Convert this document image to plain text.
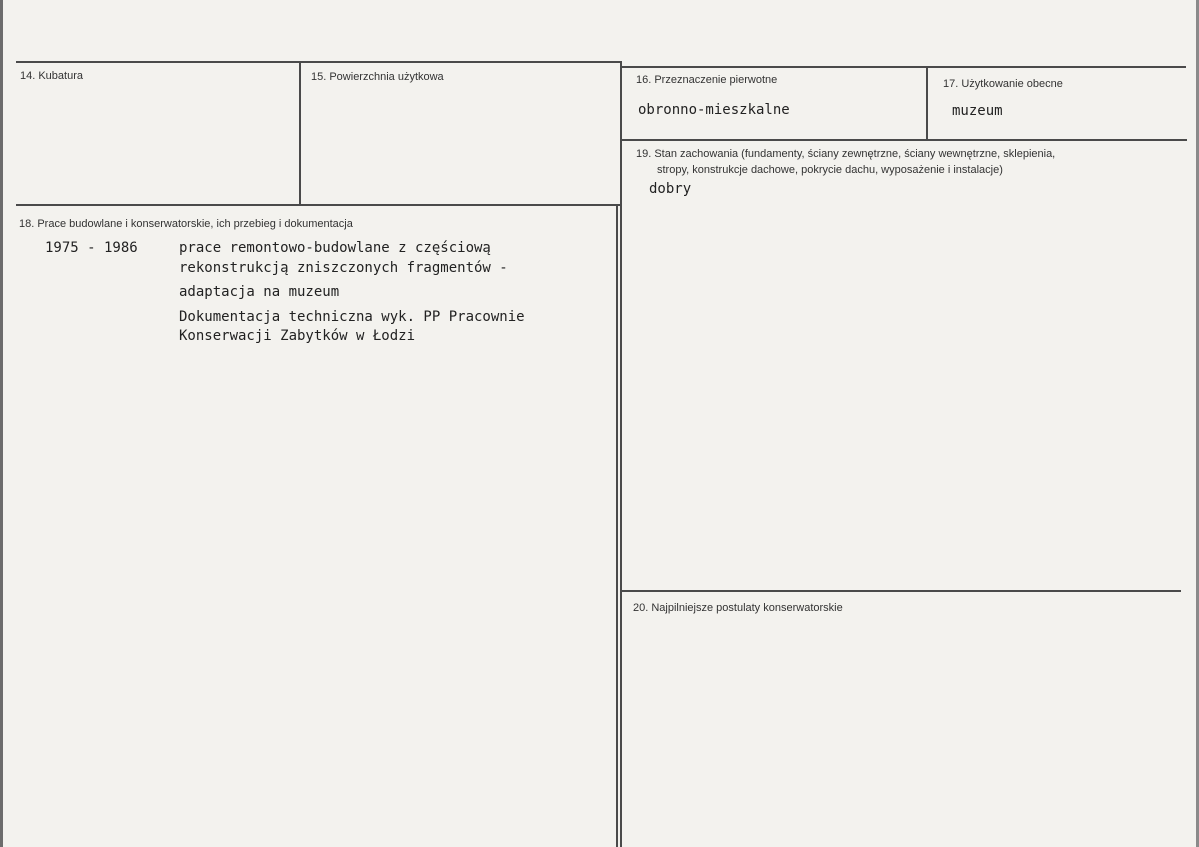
14. Kubatura	15. Powierzchnia użytkowa	16. Przeznaczenie pierwotne
obronno-mieszkalne
17. Użytkowanie obecne
muzeum
19. Stan zachowania (fundamenty, ściany zewnętrzne, ściany wewnętrzne, sklepienia,
stropy, konstrukcje dachowe, pokrycie dachu, wyposażenie i instalacje)
dobry
18. Prace budowlane i konserwatorskie, ich przebieg i dokumentacja
1975 - 1986	prace remontowo-budowlane z częściową
rekonstrukcją zniszczonych fragmentów -
adaptacja na muzeum
Dokumentacja techniczna wyk. PP Pracownie
Konserwacji Zabytków w Łodzi
20. Najpilniejsze postulaty konserwatorskie
